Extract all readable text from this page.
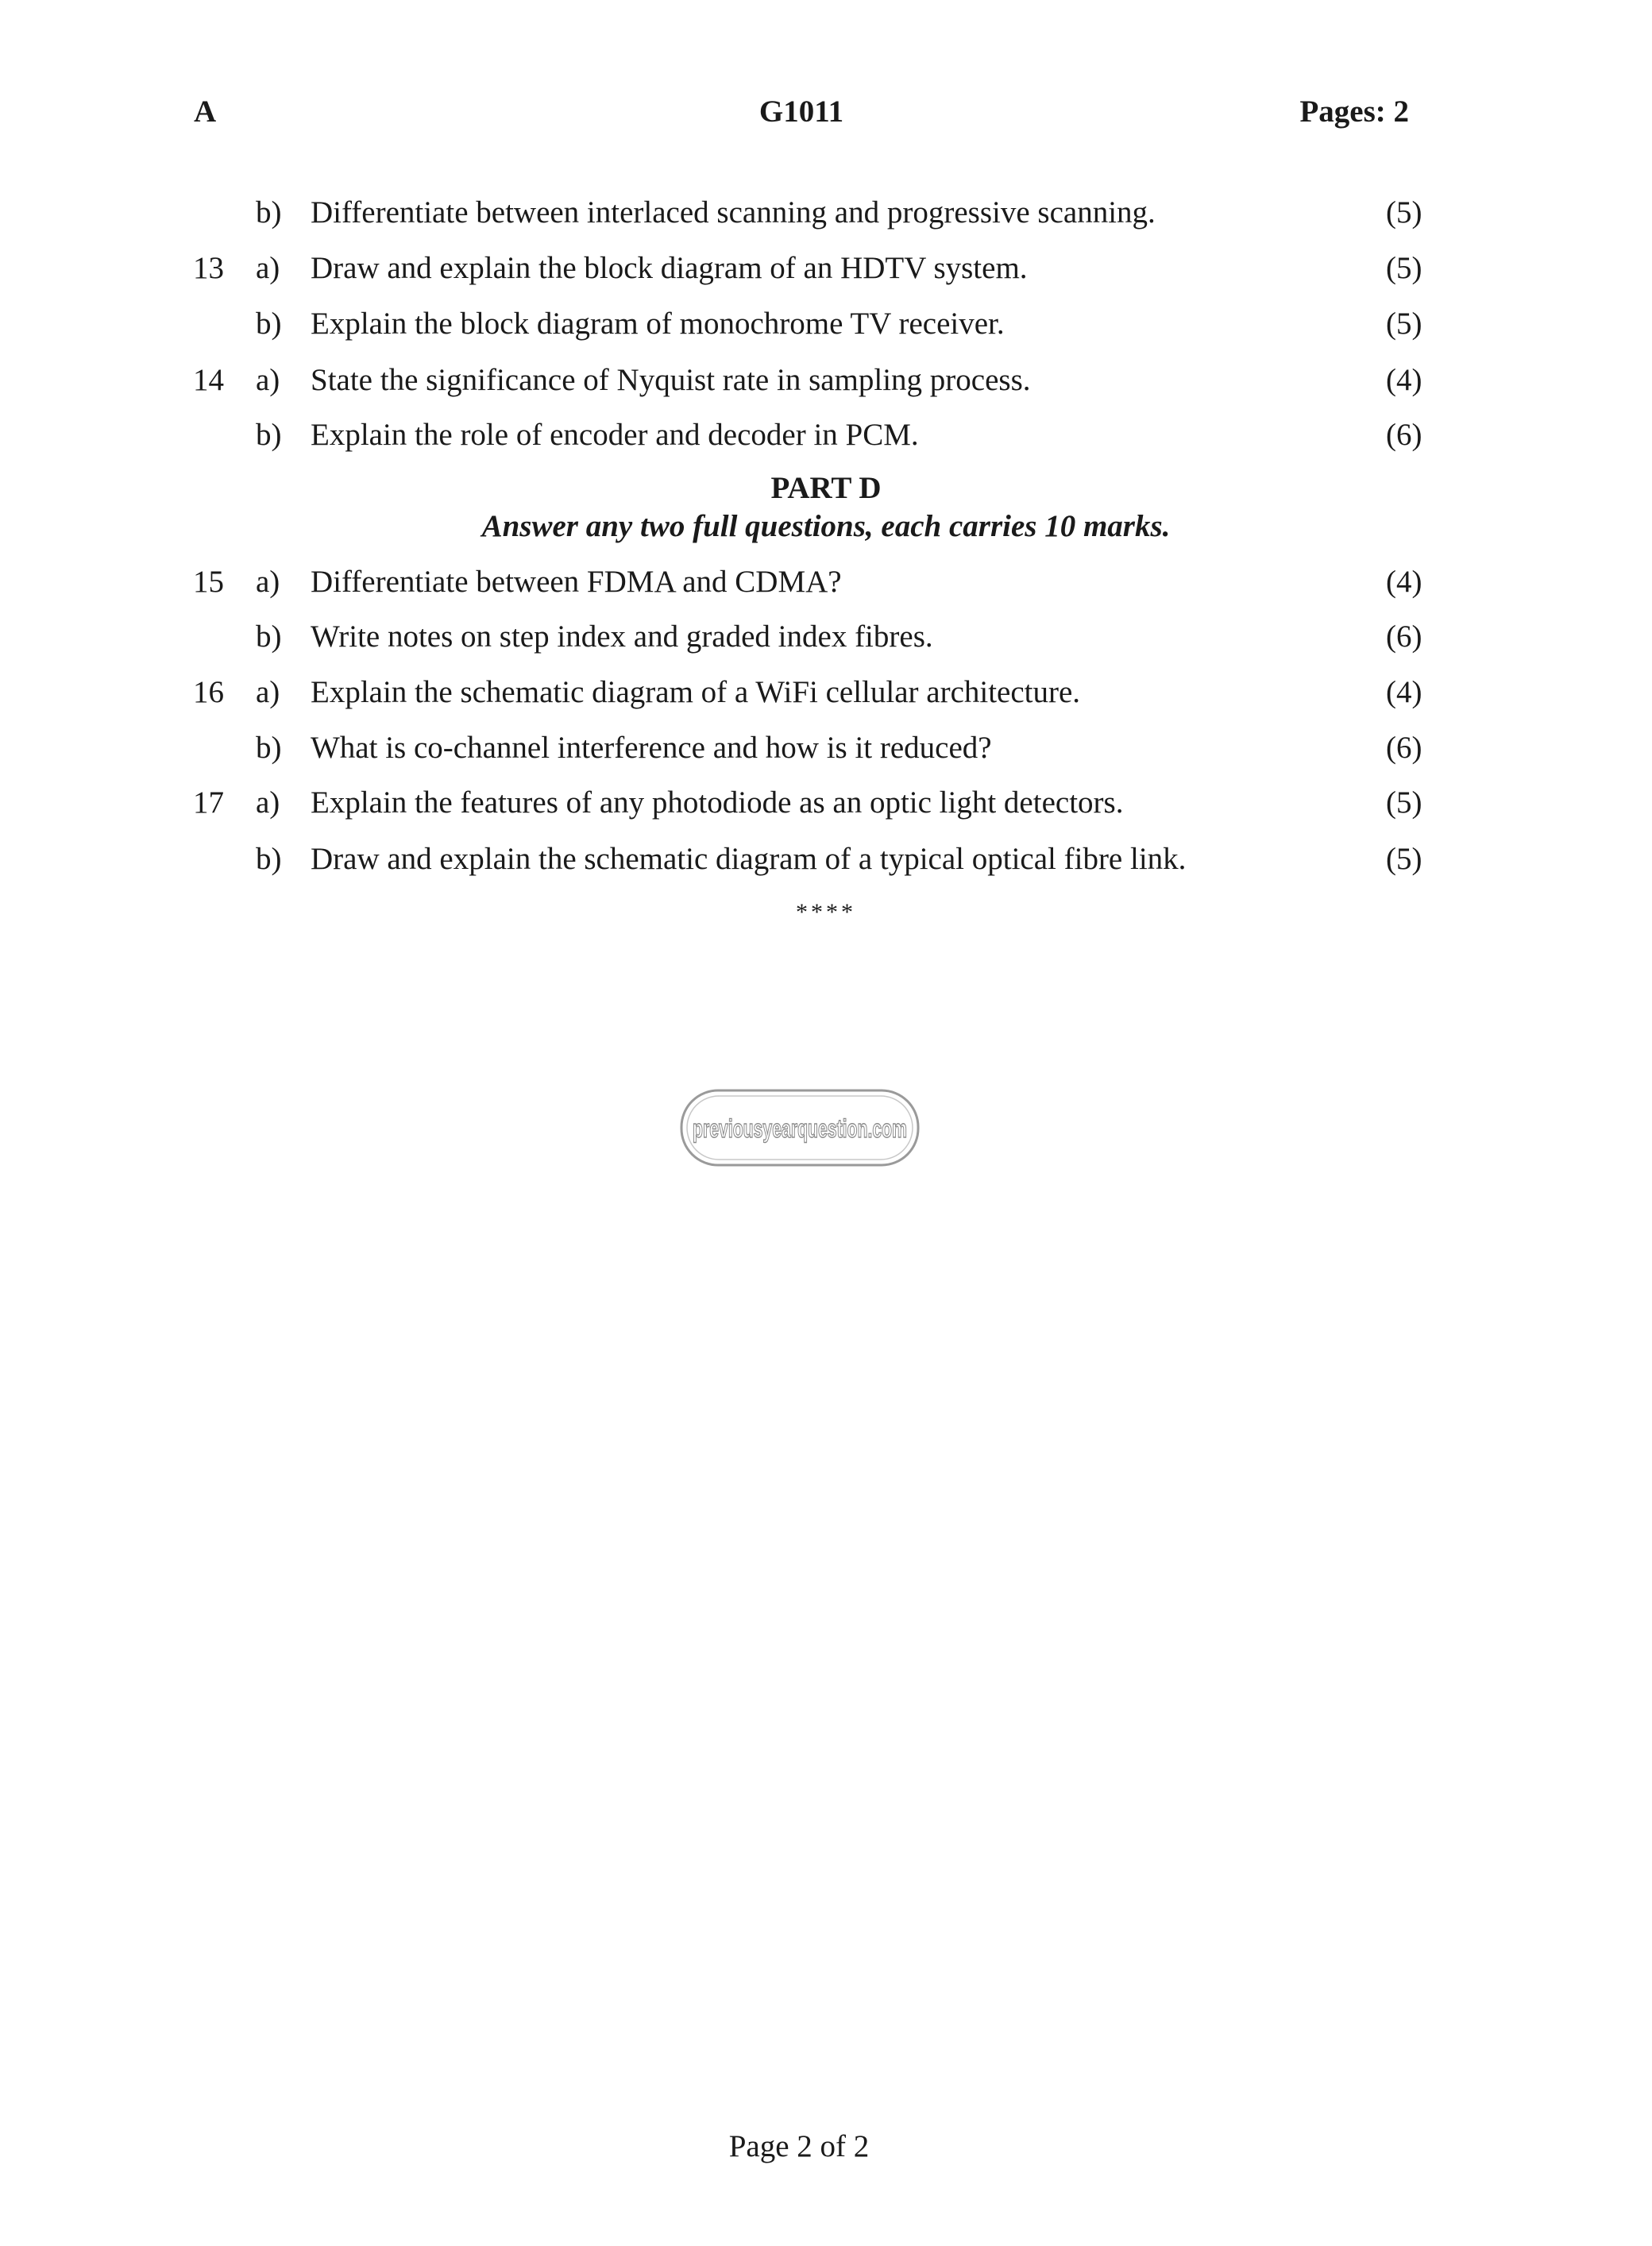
A	G1011	Pages: 2
b) Differentiate between interlaced scanning and progressive scanning.	(5)
13 a) Draw and explain the block diagram of an HDTV system.	(5)
b) Explain the block diagram of monochrome TV receiver.	(5)
14 a) State the significance of Nyquist rate in sampling process.	(4)
b) Explain the role of encoder and decoder in PCM.	(6)
PART D
Answer any two full questions, each carries 10 marks.
15 a) Differentiate between FDMA and CDMA?	(4)
b) Write notes on step index and graded index fibres.	(6)
16 a) Explain the schematic diagram of a WiFi cellular architecture.	(4)
b) What is co-channel interference and how is it reduced?	(6)
17 a) Explain the features of any photodiode as an optic light detectors.	(5)
b) Draw and explain the schematic diagram of a typical optical fibre link.	(5)
****
previousyearquestion.com
Page 2 of 2
